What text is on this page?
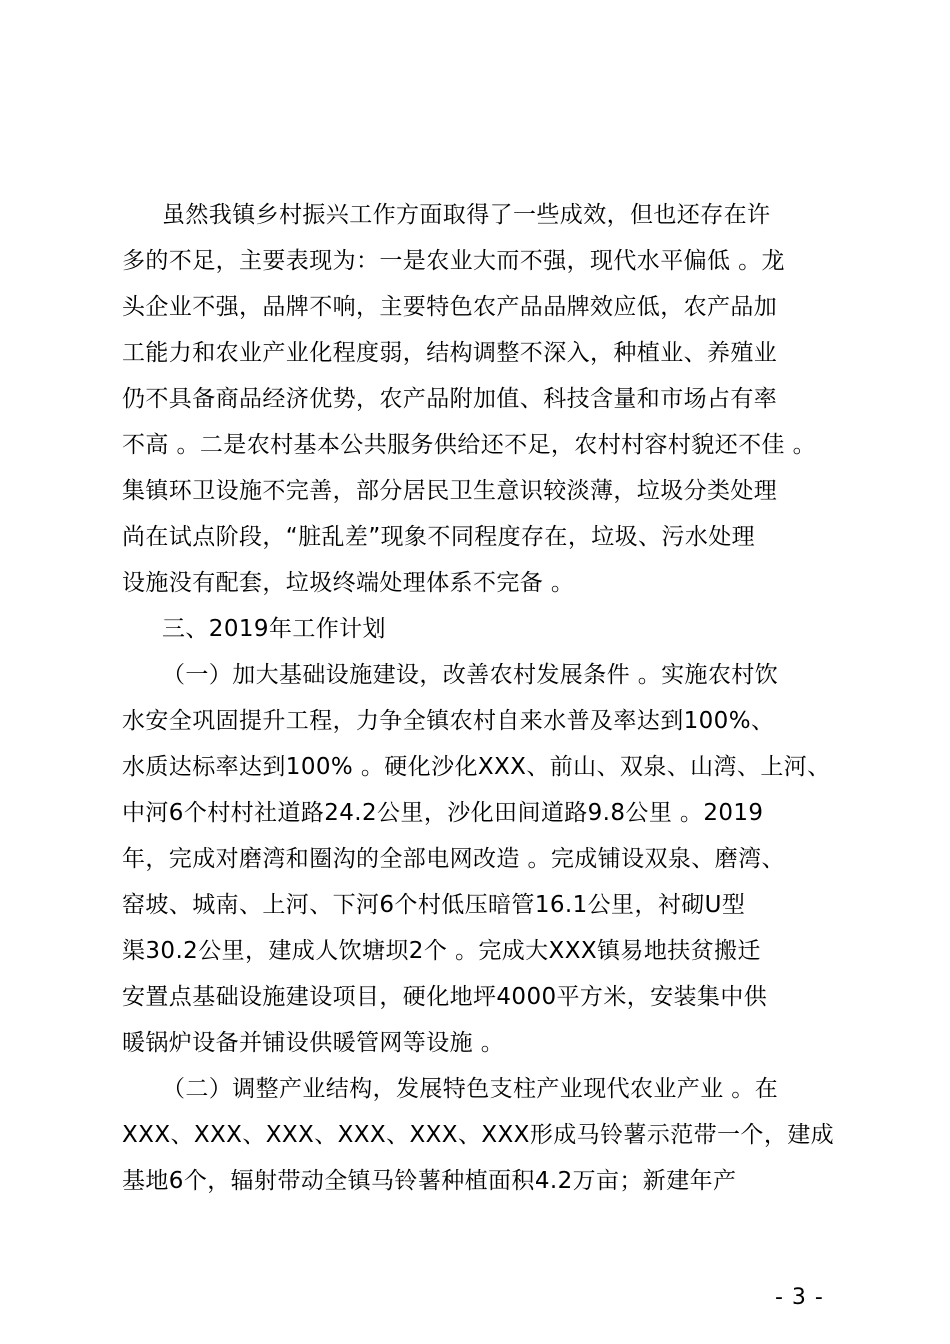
虽然我镇乡村振兴工作方面取得了一些成效，但也还存在许
多的不足，主要表现为：一是农业大而不强，现代水平偏低 。龙
头企业不强，品牌不响，主要特色农产品品牌效应低，农产品加
工能力和农业产业化程度弱，结构调整不深入，种植业、养殖业
仍不具备商品经济优势，农产品附加值、科技含量和市场占有率
不高 。二是农村基本公共服务供给还不足，农村村容村貌还不佳 。
集镇环卫设施不完善，部分居民卫生意识较淡薄，垃圾分类处理
尚在试点阶段，“脏乱差”现象不同程度存在，垃圾、污水处理
设施没有配套，垃圾终端处理体系不完备 。
三、2019年工作计划
（一）加大基础设施建设，改善农村发展条件 。实施农村饮
水安全巩固提升工程，力争全镇农村自来水普及率达到100%、
水质达标率达到100% 。硬化沙化XXX、前山、双泉、山湾、上河、
中河6个村村社道路24.2公里，沙化田间道路9.8公里 。2019
年，完成对磨湾和圈沟的全部电网改造 。完成铺设双泉、磨湾、
窑坡、城南、上河、下河6个村低压暗管16.1公里，衬砌U型
渠30.2公里，建成人饮塘坝2个 。完成大XXX镇易地扶贫搬迁
安置点基础设施建设项目，硬化地坪4000平方米，安装集中供
暖锅炉设备并铺设供暖管网等设施 。
（二）调整产业结构，发展特色支柱产业现代农业产业 。在
XXX、XXX、XXX、XXX、XXX、XXX形成马铃薯示范带一个，建成
基地6个，辐射带动全镇马铃薯种植面积4.2万亩；新建年产
- 3 -
